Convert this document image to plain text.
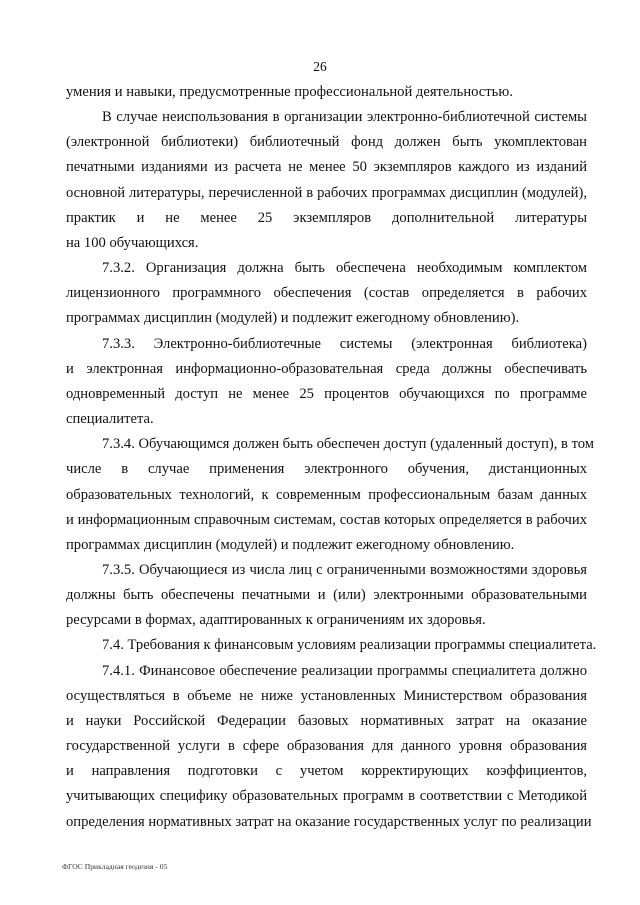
26

умения и навыки, предусмотренные профессиональной деятельностью.

В случае неиспользования в организации электронно-библиотечной системы
(электронной библиотеки) библиотечный фонд должен быть укомплектован
печатными изданиями из расчета не менее 50 экземпляров каждого из изданий
основной литературы, перечисленной в рабочих программах дисциплин (модулей),
практик и не менее 25 экземпляров дополнительной литературы
на 100 обучающихся.

7.3.2. Организация должна быть обеспечена необходимым комплектом
лицензионного программного обеспечения (состав определяется в рабочих
программах дисциплин (модулей) и подлежит ежегодному обновлению).

7.3.3. Электронно-библиотечные системы (электронная библиотека)
и электронная информационно-образовательная среда должны обеспечивать
одновременный доступ не менее 25 процентов обучающихся по программе
специалитета.

7.3.4. Обучающимся должен быть обеспечен доступ (удаленный доступ), в том
числе в случае применения электронного обучения, дистанционных
образовательных технологий, к современным профессиональным базам данных
и информационным справочным системам, состав которых определяется в рабочих
программах дисциплин (модулей) и подлежит ежегодному обновлению.

7.3.5. Обучающиеся из числа лиц с ограниченными возможностями здоровья
должны быть обеспечены печатными и (или) электронными образовательными
ресурсами в формах, адаптированных к ограничениям их здоровья.

7.4. Требования к финансовым условиям реализации программы специалитета.

7.4.1. Финансовое обеспечение реализации программы специалитета должно
осуществляться в объеме не ниже установленных Министерством образования
и науки Российской Федерации базовых нормативных затрат на оказание
государственной услуги в сфере образования для данного уровня образования
и направления подготовки с учетом корректирующих коэффициентов,
учитывающих специфику образовательных программ в соответствии с Методикой
определения нормативных затрат на оказание государственных услуг по реализации

ФГОС Прикладная геодезия - 05
